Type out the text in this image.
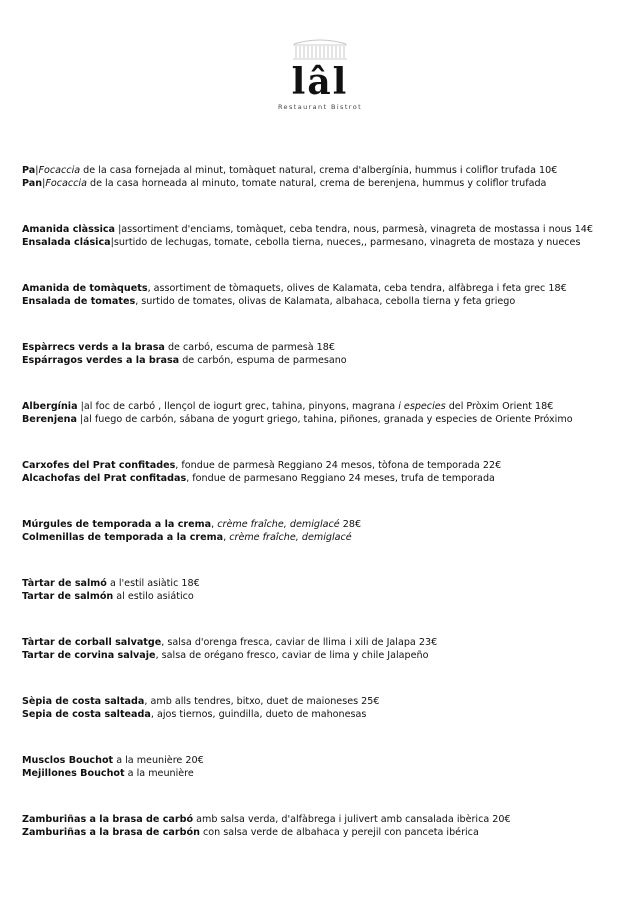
lâl
Restaurant Bistrot
Pa|Focaccia de la casa fornejada al minut, tomàquet natural, crema d'albergínia, hummus i coliflor trufada 10€
Pan|Focaccia de la casa horneada al minuto, tomate natural, crema de berenjena, hummus y coliflor trufada
Amanida clàssica |assortiment d'enciams, tomàquet, ceba tendra, nous, parmesà, vinagreta de mostassa i nous 14€
Ensalada clásica|surtido de lechugas, tomate, cebolla tierna, nueces,, parmesano, vinagreta de mostaza y nueces
Amanida de tomàquets, assortiment de tòmaquets, olives de Kalamata, ceba tendra, alfàbrega i feta grec 18€
Ensalada de tomates, surtido de tomates, olivas de Kalamata, albahaca, cebolla tierna y feta griego
Espàrrecs verds a la brasa de carbó, escuma de parmesà 18€
Espárragos verdes a la brasa de carbón, espuma de parmesano
Albergínia |al foc de carbó , llençol de iogurt grec, tahina, pinyons, magrana i especies del Pròxim Orient 18€
Berenjena |al fuego de carbón, sábana de yogurt griego, tahina, piñones, granada y especies de Oriente Próximo
Carxofes del Prat confitades, fondue de parmesà Reggiano 24 mesos, tòfona de temporada 22€
Alcachofas del Prat confitadas, fondue de parmesano Reggiano 24 meses, trufa de temporada
Múrgules de temporada a la crema, crème fraîche, demiglacé 28€
Colmenillas de temporada a la crema, crème fraîche, demiglacé
Tàrtar de salmó a l'estil asiàtic 18€
Tartar de salmón al estilo asiático
Tàrtar de corball salvatge, salsa d'orenga fresca, caviar de llima i xili de Jalapa 23€
Tartar de corvina salvaje, salsa de orégano fresco, caviar de lima y chile Jalapeño
Sèpia de costa saltada, amb alls tendres, bitxo, duet de maioneses 25€
Sepia de costa salteada, ajos tiernos, guindilla, dueto de mahonesas
Musclos Bouchot a la meunière 20€
Mejillones Bouchot a la meunière
Zamburiñas a la brasa de carbó amb salsa verda, d'alfàbrega i julivert amb cansalada ibèrica 20€
Zamburiñas a la brasa de carbón con salsa verde de albahaca y perejil con panceta ibérica
